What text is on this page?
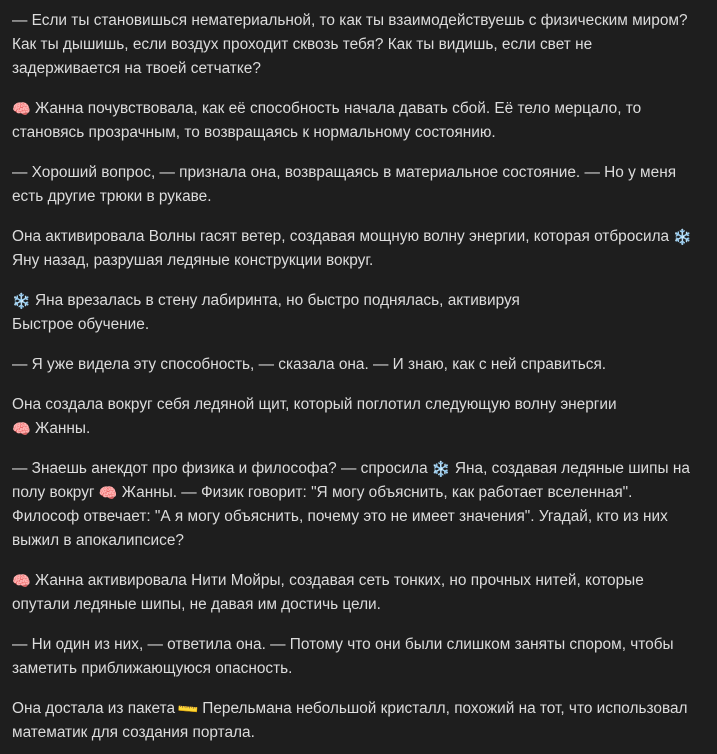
— Если ты становишься нематериальной, то как ты взаимодействуешь с физическим миром? Как ты дышишь, если воздух проходит сквозь тебя? Как ты видишь, если свет не задерживается на твоей сетчатке?

🧠 Жанна почувствовала, как её способность начала давать сбой. Её тело мерцало, то становясь прозрачным, то возвращаясь к нормальному состоянию.

— Хороший вопрос, — признала она, возвращаясь в материальное состояние. — Но у меня есть другие трюки в рукаве.

Она активировала Волны гасят ветер, создавая мощную волну энергии, которая отбросила ❄️ Яну назад, разрушая ледяные конструкции вокруг.

❄️ Яна врезалась в стену лабиринта, но быстро поднялась, активируя
Быстрое обучение.

— Я уже видела эту способность, — сказала она. — И знаю, как с ней справиться.

Она создала вокруг себя ледяной щит, который поглотил следующую волну энергии
🧠 Жанны.

— Знаешь анекдот про физика и философа? — спросила ❄️ Яна, создавая ледяные шипы на полу вокруг 🧠 Жанны. — Физик говорит: "Я могу объяснить, как работает вселенная". Философ отвечает: "А я могу объяснить, почему это не имеет значения". Угадай, кто из них выжил в апокалипсисе?

🧠 Жанна активировала Нити Мойры, создавая сеть тонких, но прочных нитей, которые опутали ледяные шипы, не давая им достичь цели.

— Ни один из них, — ответила она. — Потому что они были слишком заняты спором, чтобы заметить приближающуюся опасность.

Она достала из пакета 📏 Перельмана небольшой кристалл, похожий на тот, что использовал математик для создания портала.
